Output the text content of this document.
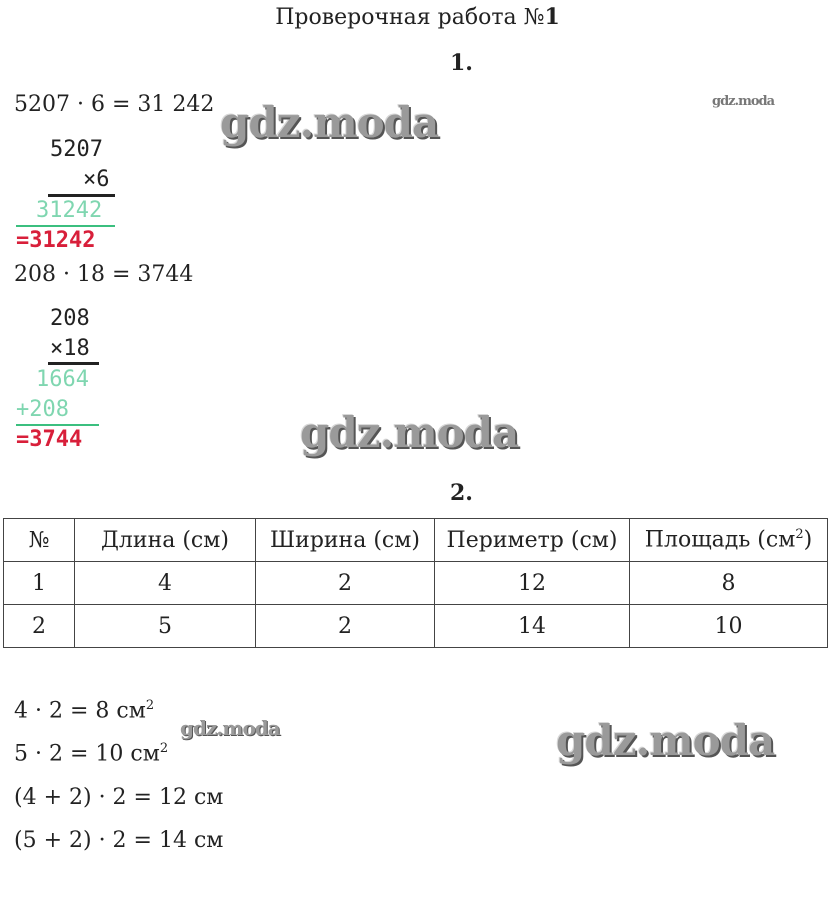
Проверочная работа №1
1.
5207 · 6 = 31 242
5207
×6
31242
=31242
208 · 18 = 3744
208
×18
1664
+208
=3744
2.
№	Длина (см)	Ширина (см)	Периметр (см)	Площадь $(см^2)$
1	4	2	12	8
2	5	2	14	10
4 · 2 = 8 $см^2$
5 · 2 = 10 $см^2$
(4 + 2) · 2 = 12 см
(5 + 2) · 2 = 14 см
gdz.moda	gdz.moda
gdz.moda
gdz.moda	gdz.moda
